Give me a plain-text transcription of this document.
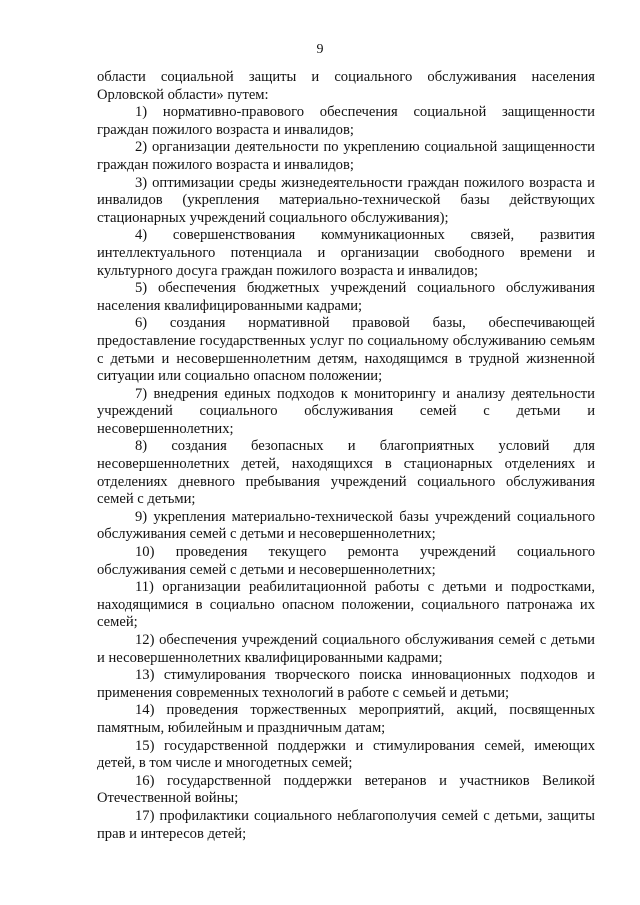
9

области социальной защиты и социального обслуживания населения Орловской области» путем:

1) нормативно-правового обеспечения социальной защищенности граждан пожилого возраста и инвалидов;

2) организации деятельности по укреплению социальной защищенности граждан пожилого возраста и инвалидов;

3) оптимизации среды жизнедеятельности граждан пожилого возраста и инвалидов (укрепления материально-технической базы действующих стационарных учреждений социального обслуживания);

4) совершенствования коммуникационных связей, развития интеллектуального потенциала и организации свободного времени и культурного досуга граждан пожилого возраста и инвалидов;

5) обеспечения бюджетных учреждений социального обслуживания населения квалифицированными кадрами;

6) создания нормативной правовой базы, обеспечивающей предоставление государственных услуг по социальному обслуживанию семьям с детьми и несовершеннолетним детям, находящимся в трудной жизненной ситуации или социально опасном положении;

7) внедрения единых подходов к мониторингу и анализу деятельности учреждений социального обслуживания семей с детьми и несовершеннолетних;

8) создания безопасных и благоприятных условий для несовершеннолетних детей, находящихся в стационарных отделениях и отделениях дневного пребывания учреждений социального обслуживания семей с детьми;

9) укрепления материально-технической базы учреждений социального обслуживания семей с детьми и несовершеннолетних;

10) проведения текущего ремонта учреждений социального обслуживания семей с детьми и несовершеннолетних;

11) организации реабилитационной работы с детьми и подростками, находящимися в социально опасном положении, социального патронажа их семей;

12) обеспечения учреждений социального обслуживания семей с детьми и несовершеннолетних квалифицированными кадрами;

13) стимулирования творческого поиска инновационных подходов и применения современных технологий в работе с семьей и детьми;

14) проведения торжественных мероприятий, акций, посвященных памятным, юбилейным и праздничным датам;

15) государственной поддержки и стимулирования семей, имеющих детей, в том числе и многодетных семей;

16) государственной поддержки ветеранов и участников Великой Отечественной войны;

17) профилактики социального неблагополучия семей с детьми, защиты прав и интересов детей;
